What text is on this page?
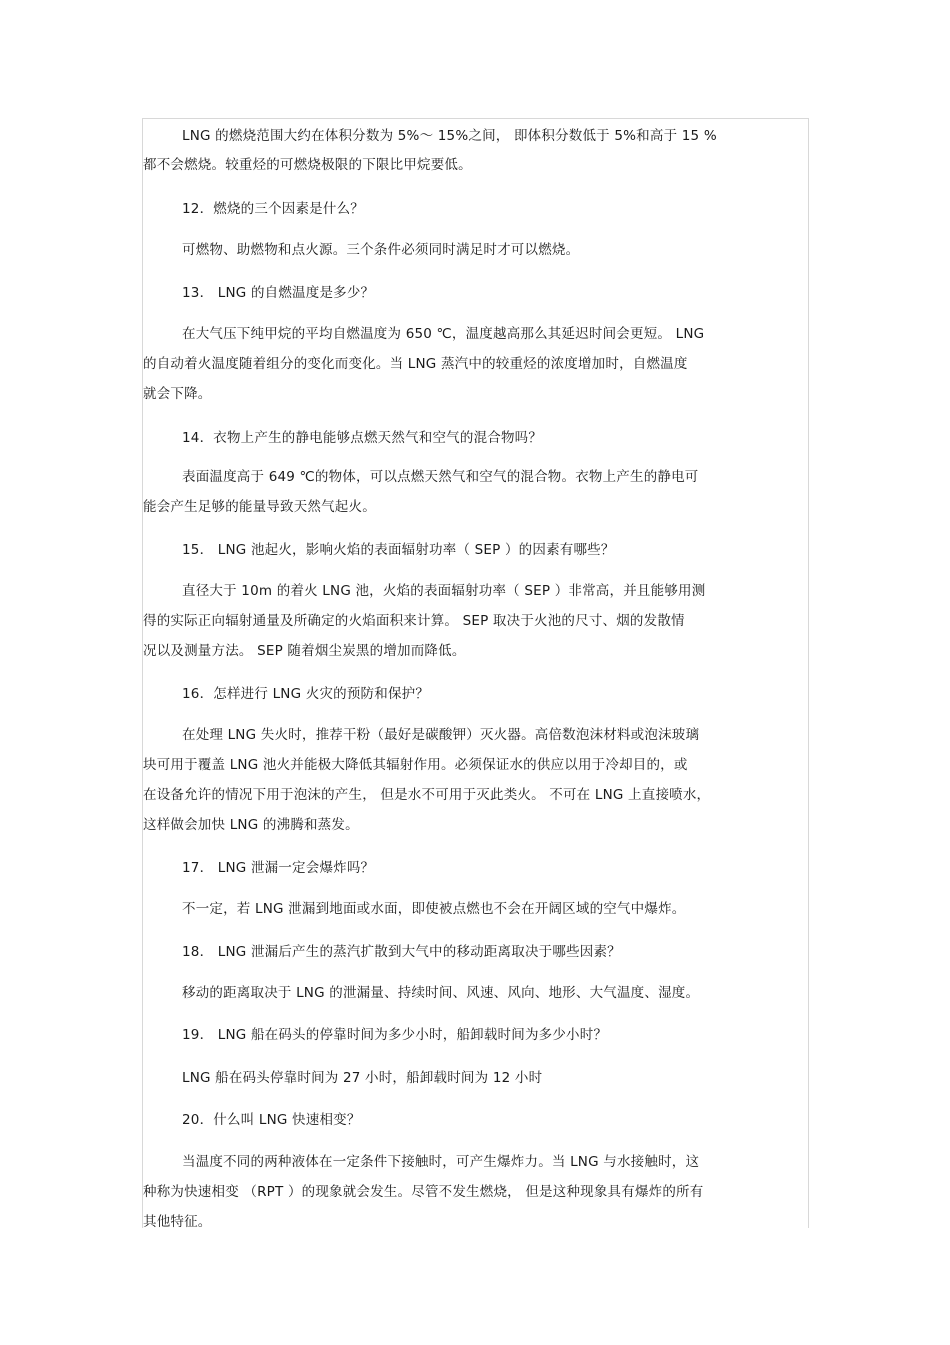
LNG 的燃烧范围大约在体积分数为 5%～ 15%之间， 即体积分数低于 5%和高于 15 %
都不会燃烧。较重烃的可燃烧极限的下限比甲烷要低。
12．燃烧的三个因素是什么？
可燃物、助燃物和点火源。三个条件必须同时满足时才可以燃烧。
13． LNG 的自燃温度是多少？
在大气压下纯甲烷的平均自燃温度为 650 ℃，温度越高那么其延迟时间会更短。 LNG
的自动着火温度随着组分的变化而变化。当 LNG 蒸汽中的较重烃的浓度增加时，自燃温度
就会下降。
14．衣物上产生的静电能够点燃天然气和空气的混合物吗？
表面温度高于 649 ℃的物体，可以点燃天然气和空气的混合物。衣物上产生的静电可
能会产生足够的能量导致天然气起火。
15． LNG 池起火，影响火焰的表面辐射功率（ SEP ）的因素有哪些？
直径大于 10m 的着火 LNG 池，火焰的表面辐射功率（ SEP ）非常高，并且能够用测
得的实际正向辐射通量及所确定的火焰面积来计算。 SEP 取决于火池的尺寸、烟的发散情
况以及测量方法。 SEP 随着烟尘炭黑的增加而降低。
16．怎样进行 LNG 火灾的预防和保护？
在处理 LNG 失火时，推荐干粉（最好是碳酸钾）灭火器。高倍数泡沫材料或泡沫玻璃
块可用于覆盖 LNG 池火并能极大降低其辐射作用。必须保证水的供应以用于冷却目的，或
在设备允许的情况下用于泡沫的产生， 但是水不可用于灭此类火。 不可在 LNG 上直接喷水，
这样做会加快 LNG 的沸腾和蒸发。
17． LNG 泄漏一定会爆炸吗？
不一定，若 LNG 泄漏到地面或水面，即使被点燃也不会在开阔区域的空气中爆炸。
18． LNG 泄漏后产生的蒸汽扩散到大气中的移动距离取决于哪些因素？
移动的距离取决于 LNG 的泄漏量、持续时间、风速、风向、地形、大气温度、湿度。
19． LNG 船在码头的停靠时间为多少小时，船卸载时间为多少小时？
LNG 船在码头停靠时间为 27 小时，船卸载时间为 12 小时
20．什么叫 LNG 快速相变？
当温度不同的两种液体在一定条件下接触时，可产生爆炸力。当 LNG 与水接触时，这
种称为快速相变 （RPT ）的现象就会发生。尽管不发生燃烧， 但是这种现象具有爆炸的所有
其他特征。
